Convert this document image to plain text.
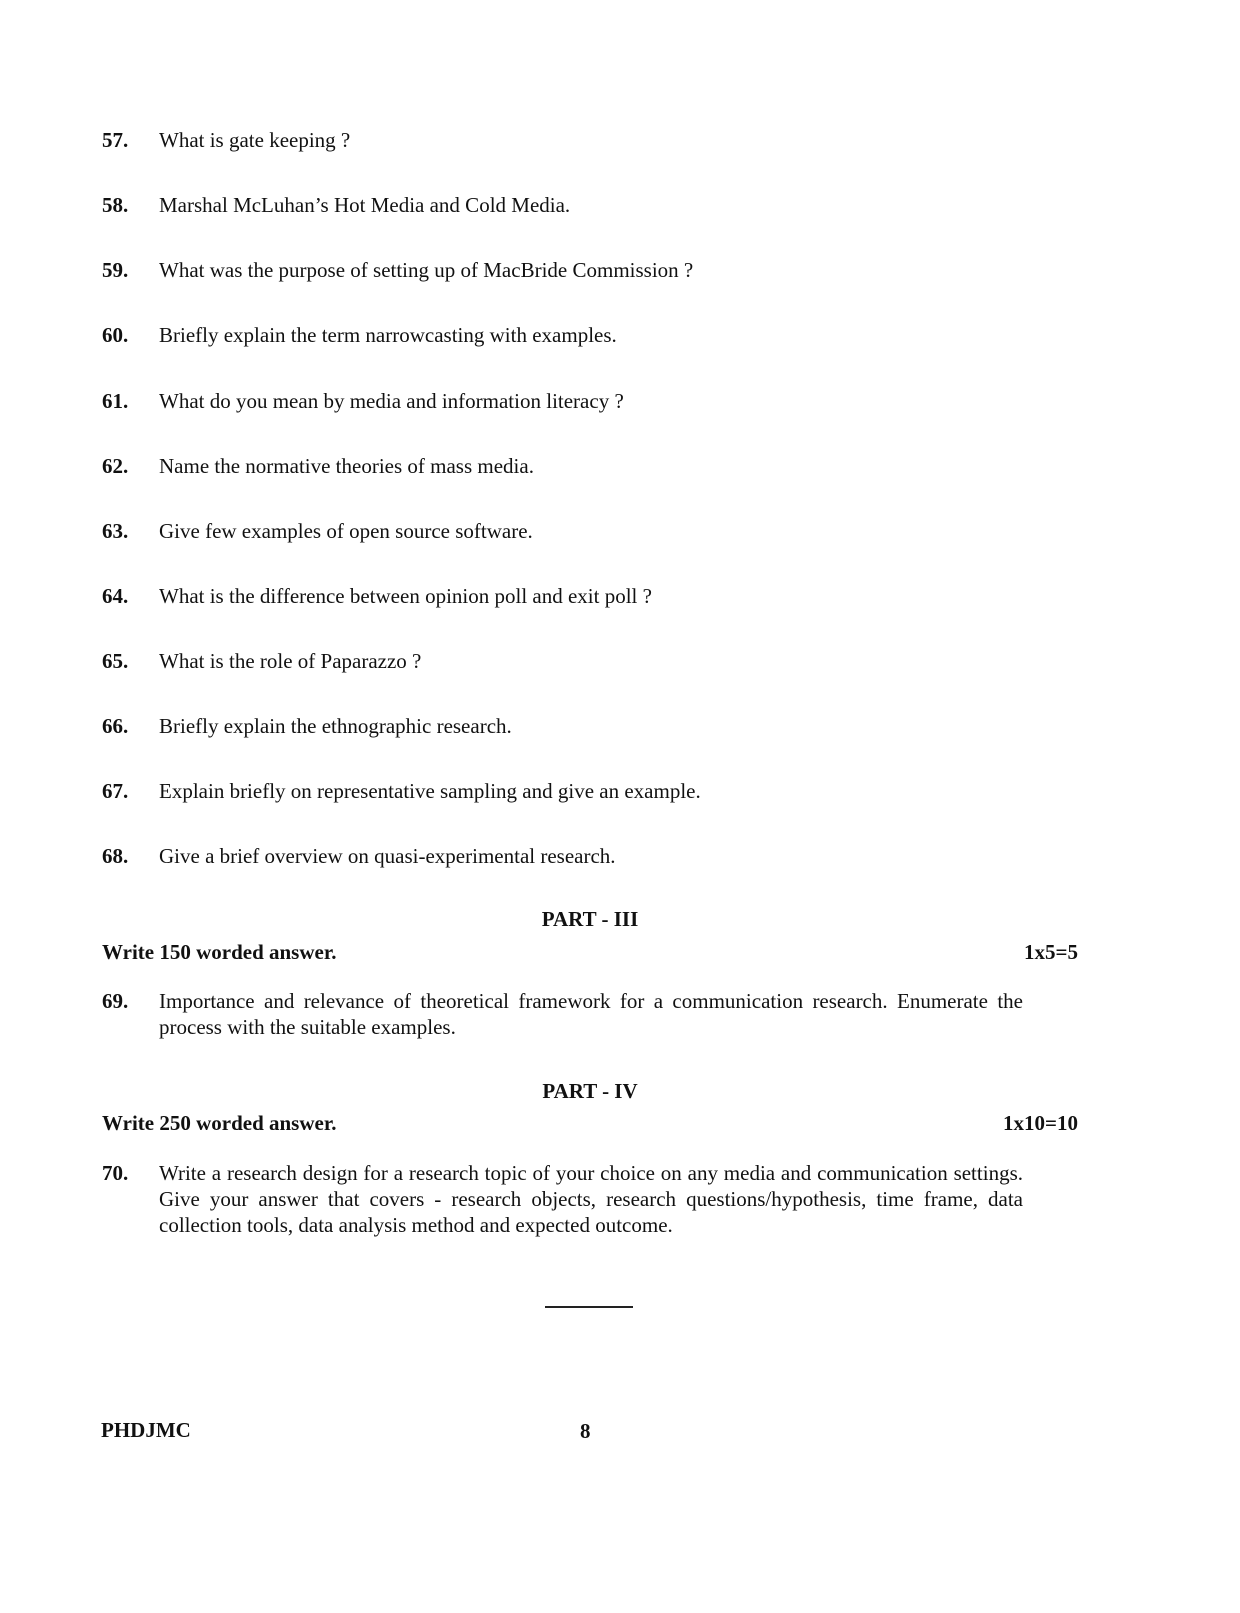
57. What is gate keeping ?
58. Marshal McLuhan’s Hot Media and Cold Media.
59. What was the purpose of setting up of MacBride Commission ?
60. Briefly explain the term narrowcasting with examples.
61. What do you mean by media and information literacy ?
62. Name the normative theories of mass media.
63. Give few examples of open source software.
64. What is the difference between opinion poll and exit poll ?
65. What is the role of Paparazzo ?
66. Briefly explain the ethnographic research.
67. Explain briefly on representative sampling and give an example.
68. Give a brief overview on quasi-experimental research.
PART - III
Write 150 worded answer.	1x5=5
69. Importance and relevance of theoretical framework for a communication research. Enumerate the process with the suitable examples.
PART - IV
Write 250 worded answer.	1x10=10
70. Write a research design for a research topic of your choice on any media and communication settings. Give your answer that covers - research objects, research questions/hypothesis, time frame, data collection tools, data analysis method and expected outcome.
PHDJMC	8
